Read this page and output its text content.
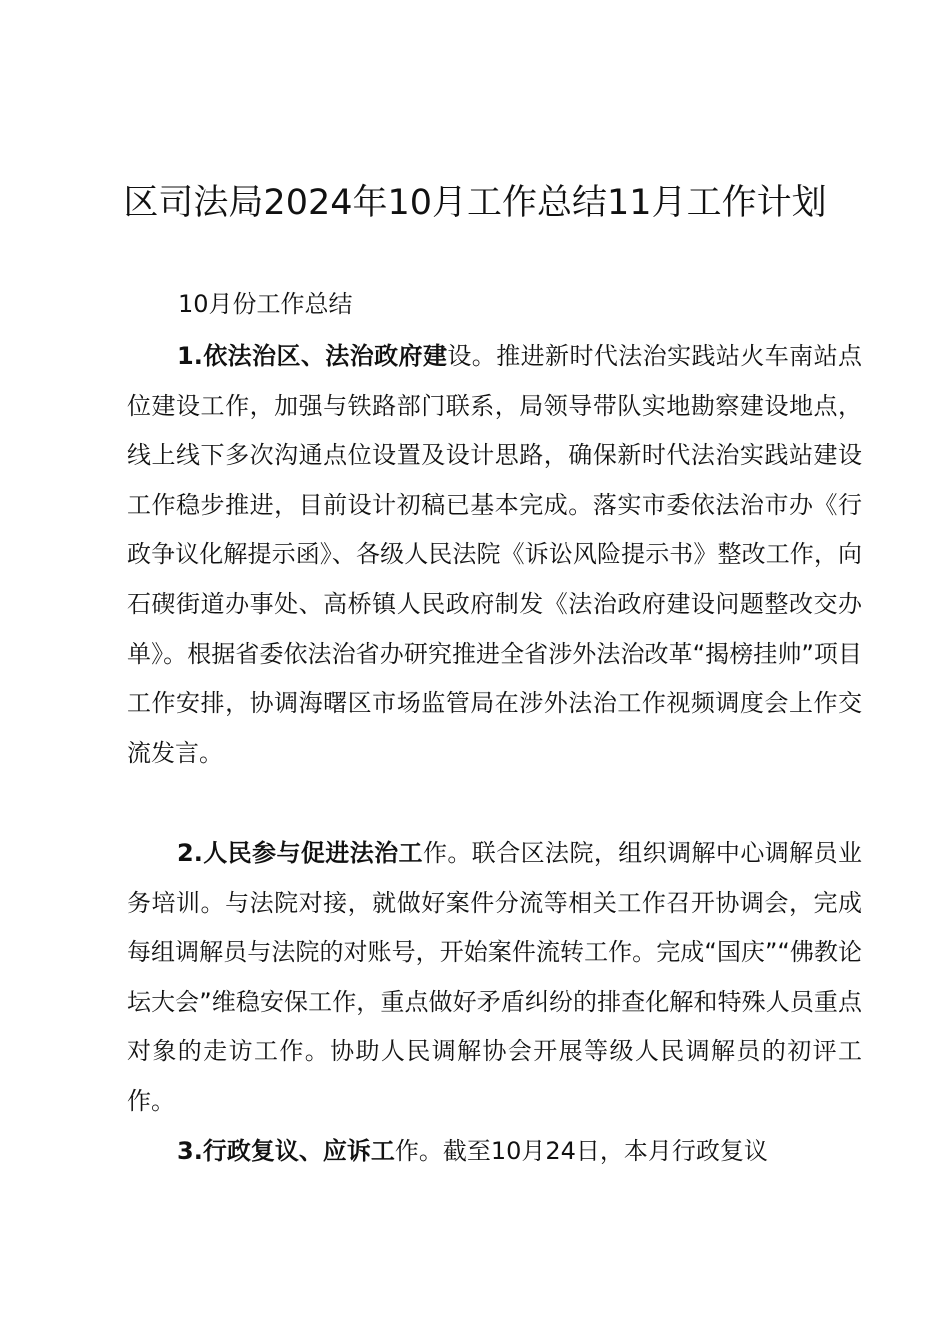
区司法局2024年10月工作总结11月工作计划

10月份工作总结

1.依法治区、法治政府建设。推进新时代法治实践站火车南站点位建设工作，加强与铁路部门联系，局领导带队实地勘察建设地点，线上线下多次沟通点位设置及设计思路，确保新时代法治实践站建设工作稳步推进，目前设计初稿已基本完成。落实市委依法治市办《行政争议化解提示函》、各级人民法院《诉讼风险提示书》整改工作，向石碶街道办事处、高桥镇人民政府制发《法治政府建设问题整改交办单》。根据省委依法治省办研究推进全省涉外法治改革“揭榜挂帅”项目工作安排，协调海曙区市场监管局在涉外法治工作视频调度会上作交流发言。

2.人民参与促进法治工作。联合区法院，组织调解中心调解员业务培训。与法院对接，就做好案件分流等相关工作召开协调会，完成每组调解员与法院的对账号，开始案件流转工作。完成“国庆”“佛教论坛大会”维稳安保工作，重点做好矛盾纠纷的排查化解和特殊人员重点对象的走访工作。协助人民调解协会开展等级人民调解员的初评工作。

3.行政复议、应诉工作。截至10月24日，本月行政复议
